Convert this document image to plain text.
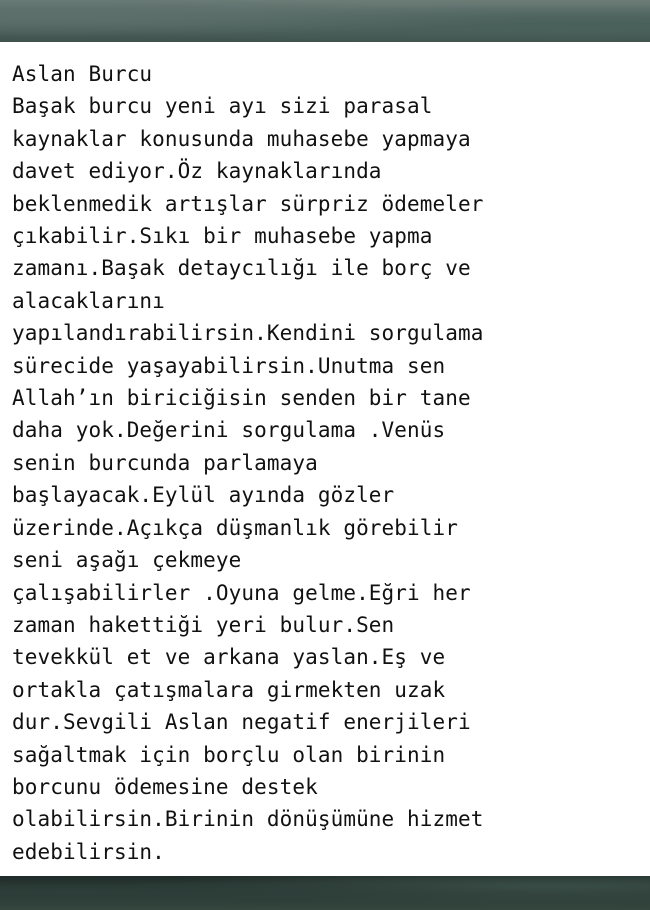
Aslan Burcu
Başak burcu yeni ayı sizi parasal
kaynaklar konusunda muhasebe yapmaya
davet ediyor.Öz kaynaklarında
beklenmedik artışlar sürpriz ödemeler
çıkabilir.Sıkı bir muhasebe yapma
zamanı.Başak detaycılığı ile borç ve
alacaklarını
yapılandırabilirsin.Kendini sorgulama
sürecide yaşayabilirsin.Unutma sen
Allah’ın biriciğisin senden bir tane
daha yok.Değerini sorgulama .Venüs
senin burcunda parlamaya
başlayacak.Eylül ayında gözler
üzerinde.Açıkça düşmanlık görebilir
seni aşağı çekmeye
çalışabilirler .Oyuna gelme.Eğri her
zaman hakettiği yeri bulur.Sen
tevekkül et ve arkana yaslan.Eş ve
ortakla çatışmalara girmekten uzak
dur.Sevgili Aslan negatif enerjileri
sağaltmak için borçlu olan birinin
borcunu ödemesine destek
olabilirsin.Birinin dönüşümüne hizmet
edebilirsin.
